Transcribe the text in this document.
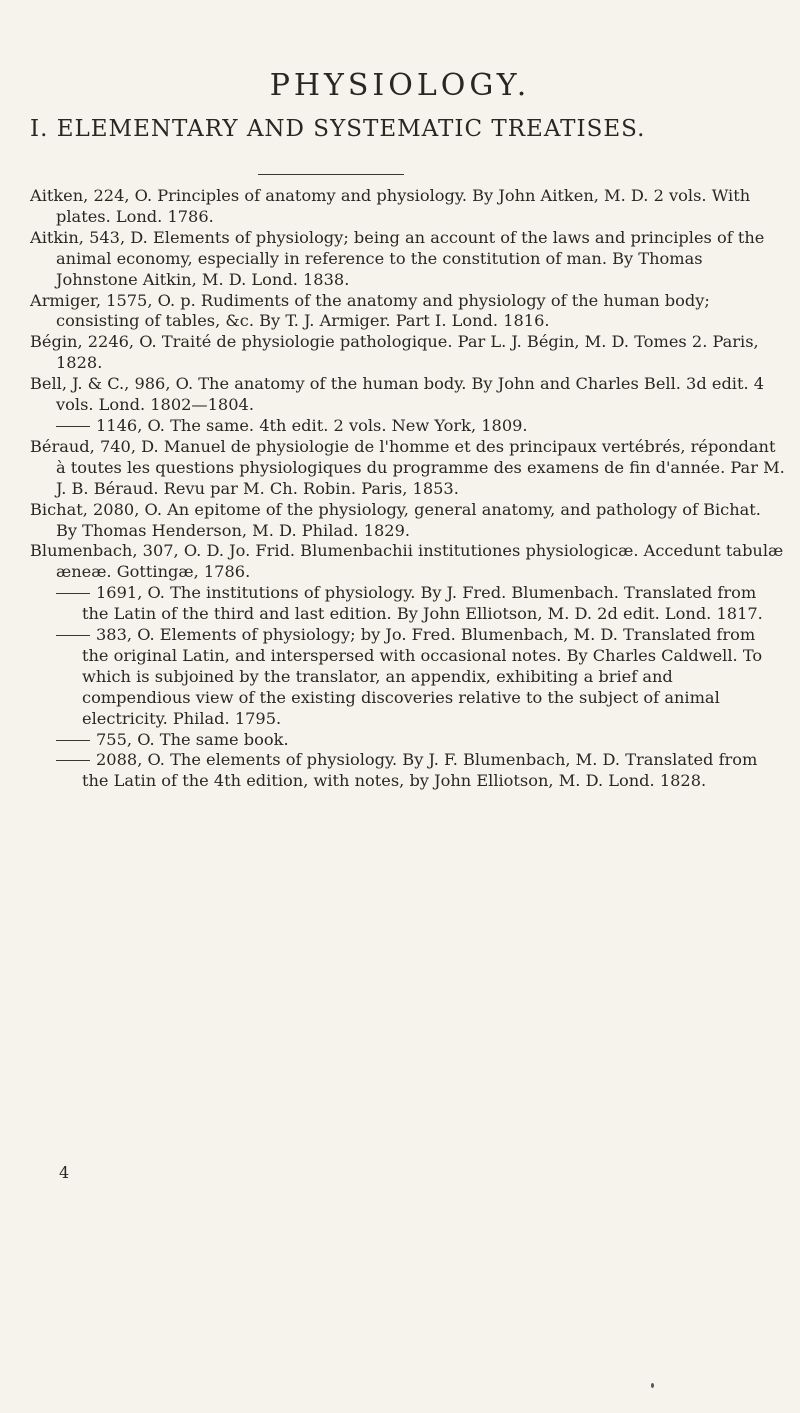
PHYSIOLOGY.
I. ELEMENTARY AND SYSTEMATIC TREATISES.

Aitken, 224, O. Principles of anatomy and physiology. By John Aitken, M. D. 2 vols. With plates. Lond. 1786.

Aitkin, 543, D. Elements of physiology; being an account of the laws and principles of the animal economy, especially in reference to the constitution of man. By Thomas Johnstone Aitkin, M. D. Lond. 1838.

Armiger, 1575, O. p. Rudiments of the anatomy and physiology of the human body; consisting of tables, &c. By T. J. Armiger. Part I. Lond. 1816.

Bégin, 2246, O. Traité de physiologie pathologique. Par L. J. Bégin, M. D. Tomes 2. Paris, 1828.

Bell, J. & C., 986, O. The anatomy of the human body. By John and Charles Bell. 3d edit. 4 vols. Lond. 1802—1804.

1146, O. The same. 4th edit. 2 vols. New York, 1809.

Béraud, 740, D. Manuel de physiologie de l'homme et des principaux vertébrés, répondant à toutes les questions physiologiques du programme des examens de fin d'année. Par M. J. B. Béraud. Revu par M. Ch. Robin. Paris, 1853.

Bichat, 2080, O. An epitome of the physiology, general anatomy, and pathology of Bichat. By Thomas Henderson, M. D. Philad. 1829.

Blumenbach, 307, O. D. Jo. Frid. Blumenbachii institutiones physiologicæ. Accedunt tabulæ æneæ. Gottingæ, 1786.

1691, O. The institutions of physiology. By J. Fred. Blumenbach. Translated from the Latin of the third and last edition. By John Elliotson, M. D. 2d edit. Lond. 1817.

383, O. Elements of physiology; by Jo. Fred. Blumenbach, M. D. Translated from the original Latin, and interspersed with occasional notes. By Charles Caldwell. To which is subjoined by the translator, an appendix, exhibiting a brief and compendious view of the existing discoveries relative to the subject of animal electricity. Philad. 1795.

755, O. The same book.

2088, O. The elements of physiology. By J. F. Blumenbach, M. D. Translated from the Latin of the 4th edition, with notes, by John Elliotson, M. D. Lond. 1828.

4
